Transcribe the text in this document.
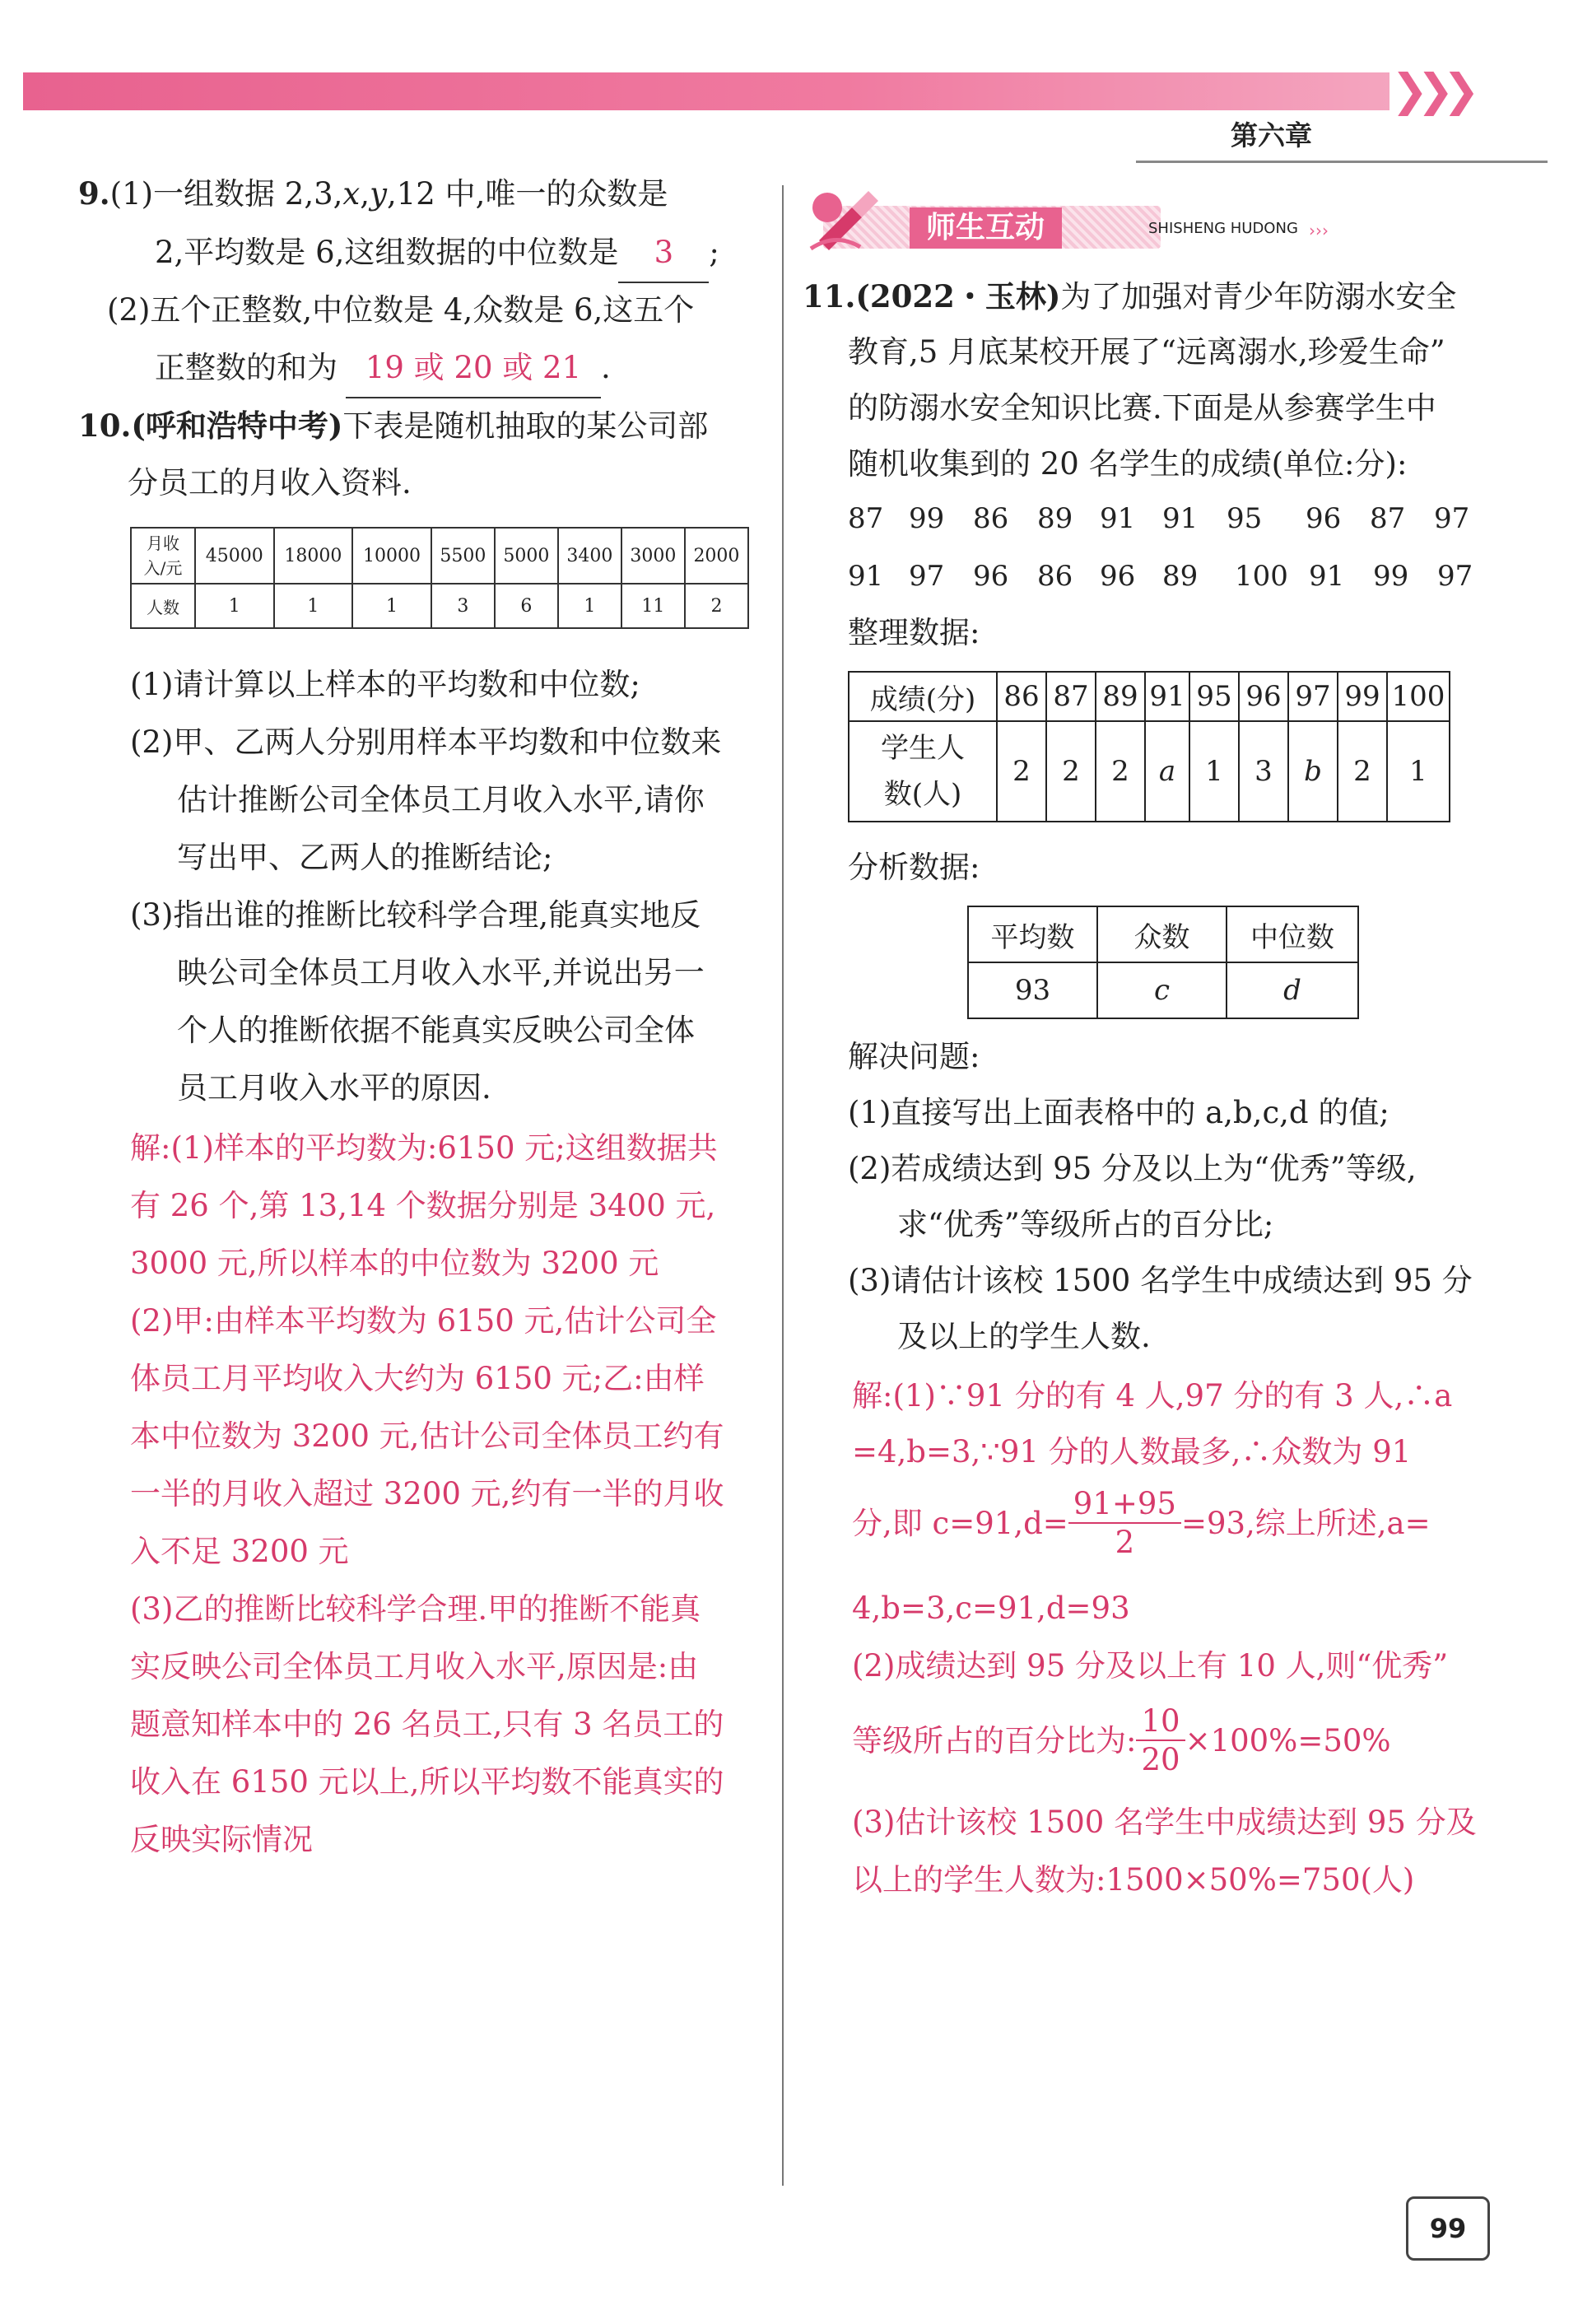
❯❯❯
第六章
9.(1)一组数据 2,3,x,y,12 中,唯一的众数是
2,平均数是 6,这组数据的中位数是 3 ;
(2)五个正整数,中位数是 4,众数是 6,这五个
正整数的和为 19 或 20 或 21 .
10.(呼和浩特中考)下表是随机抽取的某公司部
分员工的月收入资料.
月收
入/元	45000	18000	10000	5500	5000	3400	3000	2000
人数	1	1	1	3	6	1	11	2
(1)请计算以上样本的平均数和中位数;
(2)甲、乙两人分别用样本平均数和中位数来
估计推断公司全体员工月收入水平,请你
写出甲、乙两人的推断结论;
(3)指出谁的推断比较科学合理,能真实地反
映公司全体员工月收入水平,并说出另一
个人的推断依据不能真实反映公司全体
员工月收入水平的原因.
解:(1)样本的平均数为:6150 元;这组数据共
有 26 个,第 13,14 个数据分别是 3400 元,
3000 元,所以样本的中位数为 3200 元
(2)甲:由样本平均数为 6150 元,估计公司全
体员工月平均收入大约为 6150 元;乙:由样
本中位数为 3200 元,估计公司全体员工约有
一半的月收入超过 3200 元,约有一半的月收
入不足 3200 元
(3)乙的推断比较科学合理.甲的推断不能真
实反映公司全体员工月收入水平,原因是:由
题意知样本中的 26 名员工,只有 3 名员工的
收入在 6150 元以上,所以平均数不能真实的
反映实际情况
师生互动	SHISHENG HUDONG ›››
11.(2022・玉林)为了加强对青少年防溺水安全
教育,5 月底某校开展了“远离溺水,珍爱生命”
的防溺水安全知识比赛.下面是从参赛学生中
随机收集到的 20 名学生的成绩(单位:分):
87 99	86	89 91 91	95	96	87	97
91 97	96	86 96 89	100 91	99	97
整理数据:
成绩(分)	86	87	89	91	95	96	97	99	100
学生人
数(人)	2	2	2	a	1	3	b	2	1
分析数据:
平均数	众数	中位数
93	c	d
解决问题:
(1)直接写出上面表格中的 a,b,c,d 的值;
(2)若成绩达到 95 分及以上为“优秀”等级,
求“优秀”等级所占的百分比;
(3)请估计该校 1500 名学生中成绩达到 95 分
及以上的学生人数.
解:(1)∵91 分的有 4 人,97 分的有 3 人,∴a
=4,b=3,∵91 分的人数最多,∴众数为 91
分,即 $c=91,d= \frac{91+95}{2} =93$,综上所述,a=
4,b=3,c=91,d=93
(2)成绩达到 95 分及以上有 10 人,则“优秀”
等级所占的百分比为: $\frac{10}{20} \times 100\%=50\%$
(3)估计该校 1500 名学生中成绩达到 95 分及
以上的学生人数为:1500×50%=750(人)
99
